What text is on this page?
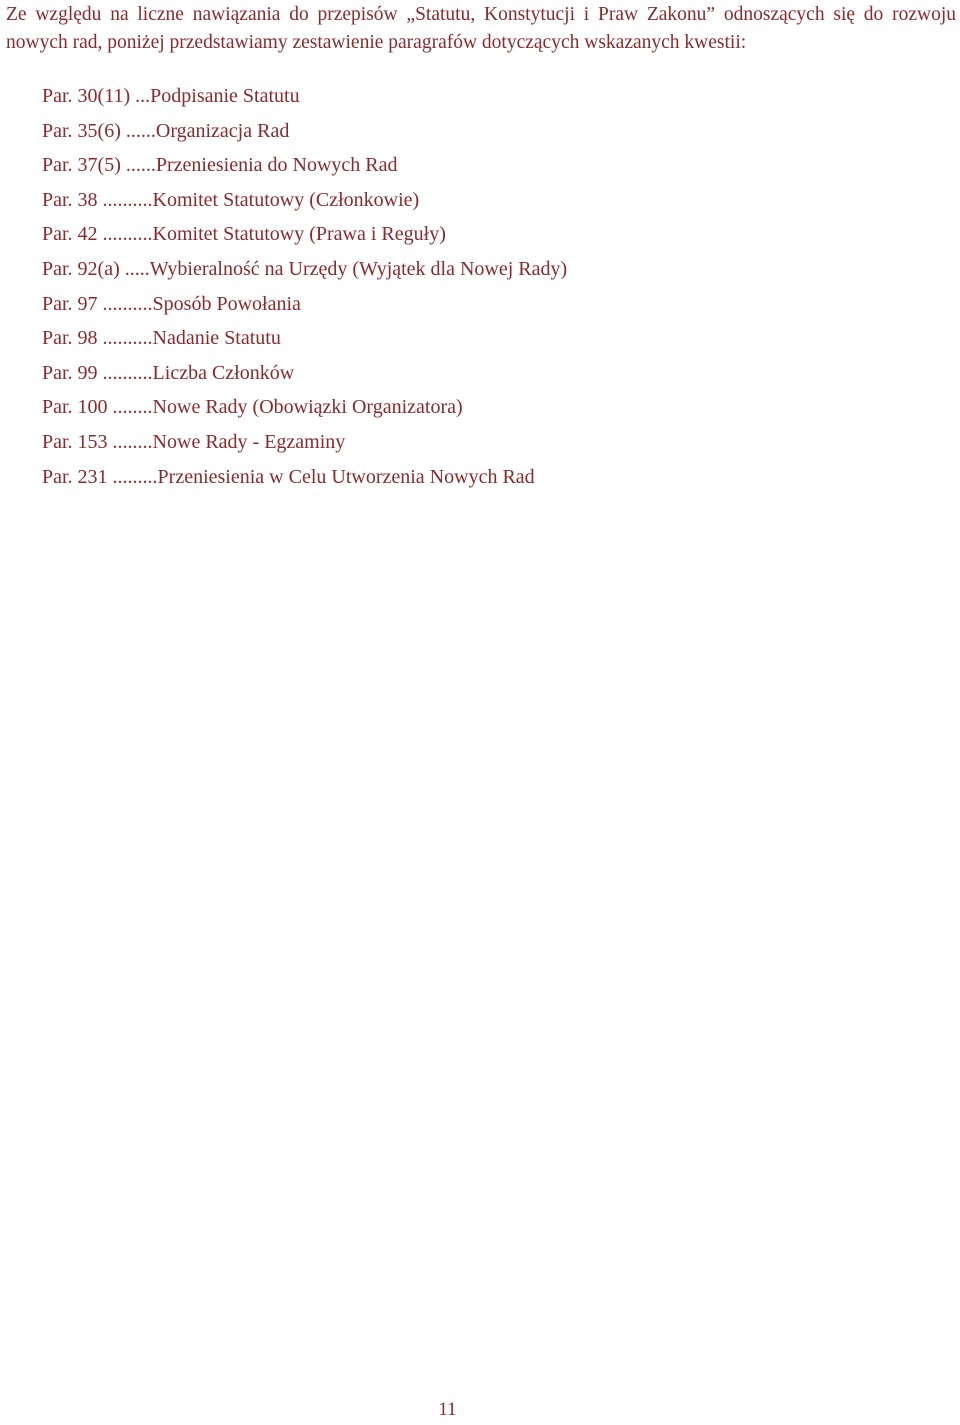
Ze względu na liczne nawiązania do przepisów „Statutu, Konstytucji i Praw Zakonu” odnoszących się do rozwoju nowych rad, poniżej przedstawiamy zestawienie paragrafów dotyczących wskazanych kwestii:

Par. 30(11) ...Podpisanie Statutu
Par. 35(6) ......Organizacja Rad
Par. 37(5) ......Przeniesienia do Nowych Rad
Par. 38 ..........Komitet Statutowy (Członkowie)
Par. 42 ..........Komitet Statutowy (Prawa i Reguły)
Par. 92(a) .....Wybieralność na Urzędy (Wyjątek dla Nowej Rady)
Par. 97 ..........Sposób Powołania
Par. 98 ..........Nadanie Statutu
Par. 99 ..........Liczba Członków
Par. 100 ........Nowe Rady (Obowiązki Organizatora)
Par. 153 ........Nowe Rady - Egzaminy
Par. 231 .........Przeniesienia w Celu Utworzenia Nowych Rad
11
